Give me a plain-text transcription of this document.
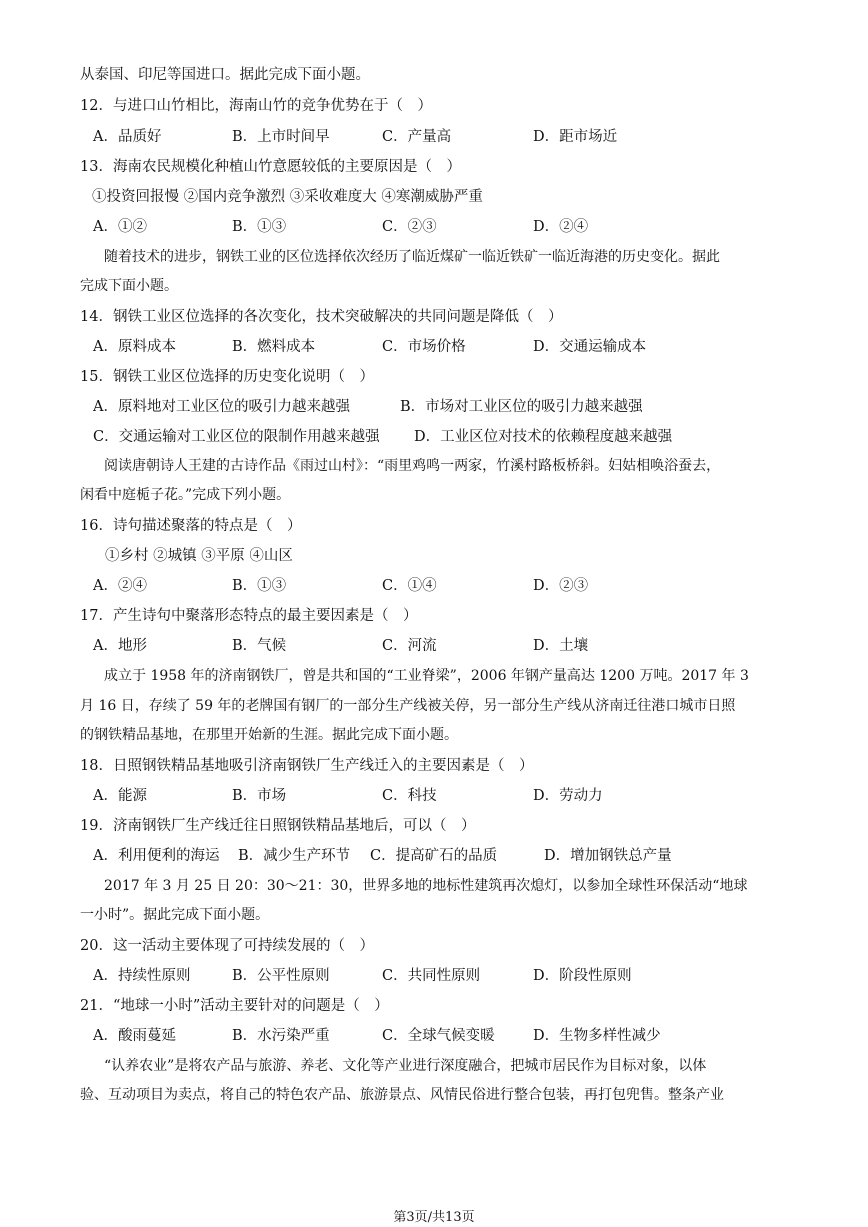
从泰国、印尼等国进口。据此完成下面小题。
12．与进口山竹相比，海南山竹的竞争优势在于（　）
A．品质好	B．上市时间早	C．产量高	D．距市场近
13．海南农民规模化种植山竹意愿较低的主要原因是（　）
①投资回报慢 ②国内竞争激烈 ③采收难度大 ④寒潮威胁严重
A．①②	B．①③	C．②③	D．②④
随着技术的进步，钢铁工业的区位选择依次经历了临近煤矿一临近铁矿一临近海港的历史变化。据此
完成下面小题。
14．钢铁工业区位选择的各次变化，技术突破解决的共同问题是降低（　）
A．原料成本	B．燃料成本	C．市场价格	D．交通运输成本
15．钢铁工业区位选择的历史变化说明（　）
A．原料地对工业区位的吸引力越来越强	B．市场对工业区位的吸引力越来越强
C．交通运输对工业区位的限制作用越来越强 D．工业区位对技术的依赖程度越来越强
阅读唐朝诗人王建的古诗作品《雨过山村》：“雨里鸡鸣一两家，竹溪村路板桥斜。妇姑相唤浴蚕去，
闲看中庭栀子花。”完成下列小题。
16．诗句描述聚落的特点是（　）
①乡村 ②城镇 ③平原 ④山区
A．②④	B．①③	C．①④	D．②③
17．产生诗句中聚落形态特点的最主要因素是（　）
A．地形	B．气候	C．河流	D．土壤
成立于 1958 年的济南钢铁厂，曾是共和国的“工业脊梁”，2006 年钢产量高达 1200 万吨。2017 年 3
月 16 日，存续了 59 年的老牌国有钢厂的一部分生产线被关停，另一部分生产线从济南迁往港口城市日照
的钢铁精品基地，在那里开始新的生涯。据此完成下面小题。
18．日照钢铁精品基地吸引济南钢铁厂生产线迁入的主要因素是（　）
A．能源	B．市场	C．科技	D．劳动力
19．济南钢铁厂生产线迁往日照钢铁精品基地后，可以（　）
A．利用便利的海运 B．减少生产环节 C．提高矿石的品质	D．增加钢铁总产量
2017 年 3 月 25 日 20：30～21：30，世界多地的地标性建筑再次熄灯，以参加全球性环保活动“地球
一小时”。据此完成下面小题。
20．这一活动主要体现了可持续发展的（　）
A．持续性原则	B．公平性原则	C．共同性原则	D．阶段性原则
21．“地球一小时”活动主要针对的问题是（　）
A．酸雨蔓延	B．水污染严重	C．全球气候变暖	D．生物多样性减少
“认养农业”是将农产品与旅游、养老、文化等产业进行深度融合，把城市居民作为目标对象，以体
验、互动项目为卖点，将自己的特色农产品、旅游景点、风情民俗进行整合包装，再打包兜售。整条产业
第3页/共13页
